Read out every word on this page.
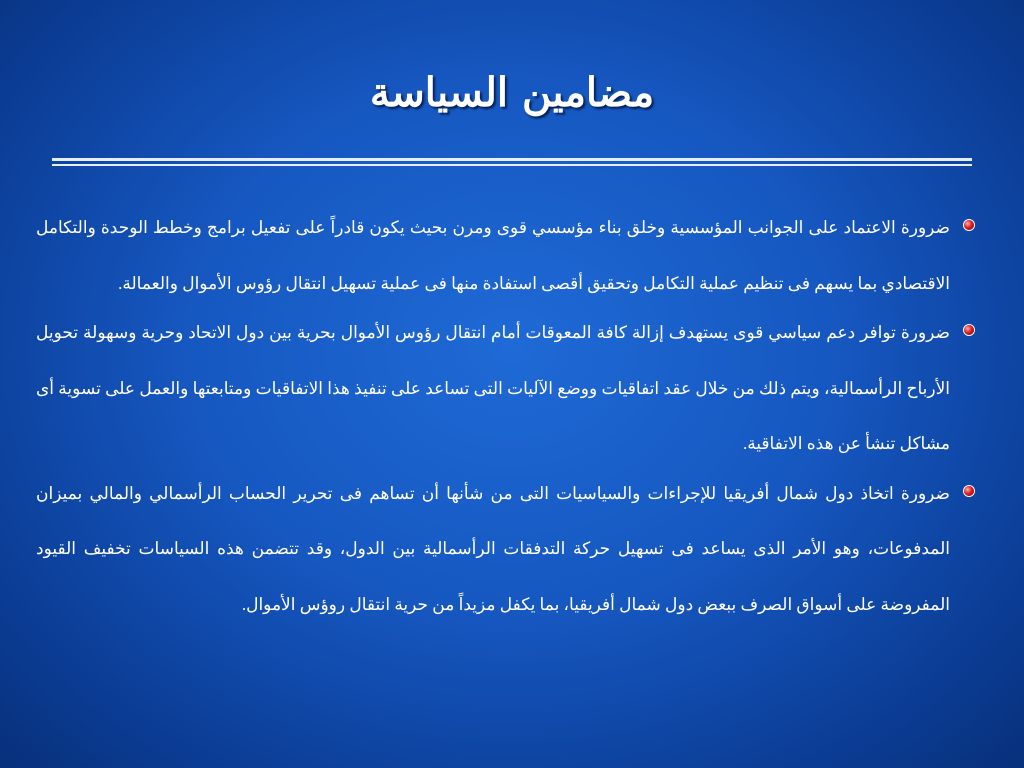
مضامين السياسة
ضرورة الاعتماد على الجوانب المؤسسية وخلق بناء مؤسسي قوى ومرن بحيث يكون قادراً على تفعيل برامج وخطط الوحدة والتكامل الاقتصادي بما يسهم فى تنظيم عملية التكامل وتحقيق أقصى استفادة منها فى عملية تسهيل انتقال رؤوس الأموال والعمالة.
ضرورة توافر دعم سياسي قوى يستهدف إزالة كافة المعوقات أمام انتقال رؤوس الأموال بحرية بين دول الاتحاد وحرية وسهولة تحويل الأرباح الرأسمالية، ويتم ذلك من خلال عقد اتفاقيات ووضع الآليات التى تساعد على تنفيذ هذا الاتفاقيات ومتابعتها والعمل على تسوية أى مشاكل تنشأ عن هذه الاتفاقية.
ضرورة اتخاذ دول شمال أفريقيا للإجراءات والسياسيات التى من شأنها أن تساهم فى تحرير الحساب الرأسمالي والمالي بميزان المدفوعات، وهو الأمر الذى يساعد فى تسهيل حركة التدفقات الرأسمالية بين الدول، وقد تتضمن هذه السياسات تخفيف القيود المفروضة على أسواق الصرف ببعض دول شمال أفريقيا، بما يكفل مزيداً من حرية انتقال روؤس الأموال.
